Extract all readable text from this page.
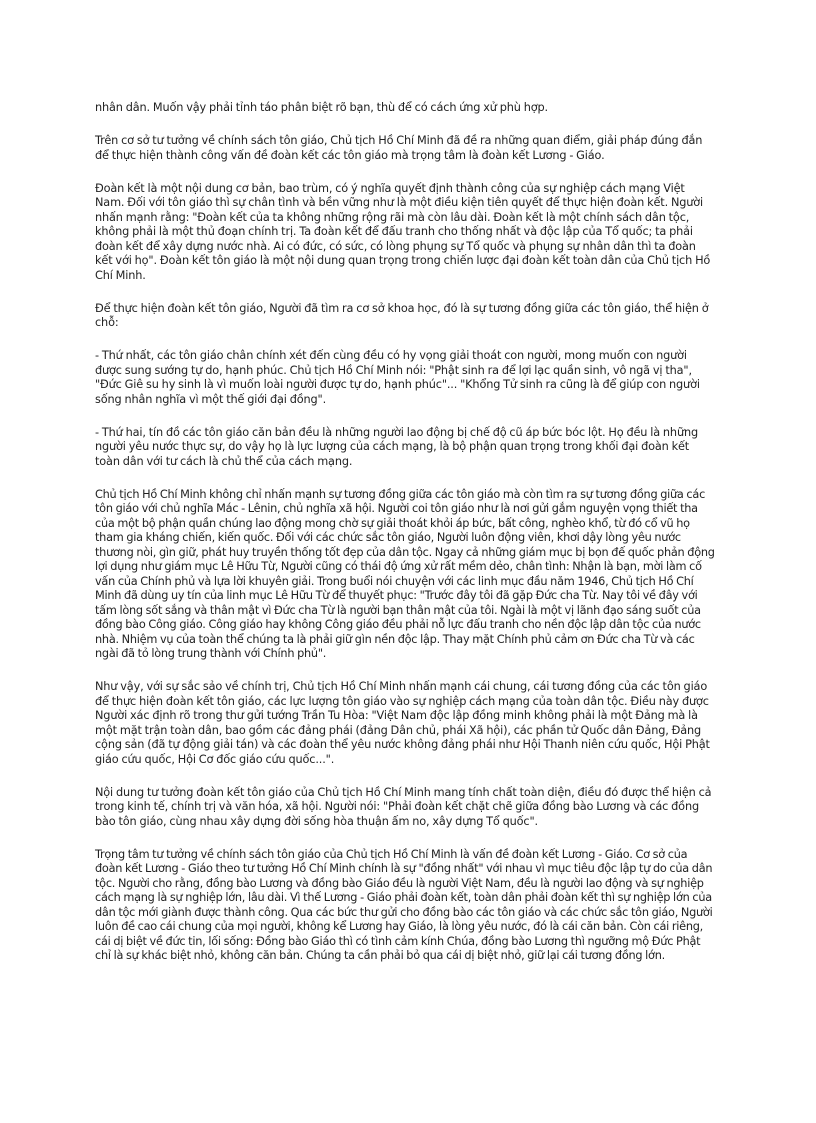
nhân dân. Muốn vậy phải tỉnh táo phân biệt rõ bạn, thù để có cách ứng xử phù hợp.

Trên cơ sở tư tưởng về chính sách tôn giáo, Chủ tịch Hồ Chí Minh đã đề ra những quan điểm, giải pháp đúng đắn để thực hiện thành công vấn đề đoàn kết các tôn giáo mà trọng tâm là đoàn kết Lương - Giáo.

Đoàn kết là một nội dung cơ bản, bao trùm, có ý nghĩa quyết định thành công của sự nghiệp cách mạng Việt Nam. Đối với tôn giáo thì sự chân tình và bền vững như là một điều kiện tiên quyết để thực hiện đoàn kết. Người nhấn mạnh rằng: "Đoàn kết của ta không những rộng rãi mà còn lâu dài. Đoàn kết là một chính sách dân tộc, không phải là một thủ đoạn chính trị. Ta đoàn kết để đấu tranh cho thống nhất và độc lập của Tổ quốc; ta phải đoàn kết để xây dựng nước nhà. Ai có đức, có sức, có lòng phụng sự Tổ quốc và phụng sự nhân dân thì ta đoàn kết với họ". Đoàn kết tôn giáo là một nội dung quan trọng trong chiến lược đại đoàn kết toàn dân của Chủ tịch Hồ Chí Minh.

Để thực hiện đoàn kết tôn giáo, Người đã tìm ra cơ sở khoa học, đó là sự tương đồng giữa các tôn giáo, thể hiện ở chỗ:

- Thứ nhất, các tôn giáo chân chính xét đến cùng đều có hy vọng giải thoát con người, mong muốn con người được sung sướng tự do, hạnh phúc. Chủ tịch Hồ Chí Minh nói: "Phật sinh ra để lợi lạc quần sinh, vô ngã vị tha", "Đức Giê su hy sinh là vì muốn loài người được tự do, hạnh phúc"... "Khổng Tử sinh ra cũng là để giúp con người sống nhân nghĩa vì một thế giới đại đồng".

- Thứ hai, tín đồ các tôn giáo căn bản đều là những người lao động bị chế độ cũ áp bức bóc lột. Họ đều là những người yêu nước thực sự, do vậy họ là lực lượng của cách mạng, là bộ phận quan trọng trong khối đại đoàn kết toàn dân với tư cách là chủ thể của cách mạng.

Chủ tịch Hồ Chí Minh không chỉ nhấn mạnh sự tương đồng giữa các tôn giáo mà còn tìm ra sự tương đồng giữa các tôn giáo với chủ nghĩa Mác - Lênin, chủ nghĩa xã hội. Người coi tôn giáo như là nơi gửi gắm nguyện vọng thiết tha của một bộ phận quần chúng lao động mong chờ sự giải thoát khỏi áp bức, bất công, nghèo khổ, từ đó cổ vũ họ tham gia kháng chiến, kiến quốc. Đối với các chức sắc tôn giáo, Người luôn động viên, khơi dậy lòng yêu nước thương nòi, gìn giữ, phát huy truyền thống tốt đẹp của dân tộc. Ngay cả những giám mục bị bọn đế quốc phản động lợi dụng như giám mục Lê Hữu Từ, Người cũng có thái độ ứng xử rất mềm dẻo, chân tình: Nhận là bạn, mời làm cố vấn của Chính phủ và lựa lời khuyên giải. Trong buổi nói chuyện với các linh mục đầu năm 1946, Chủ tịch Hồ Chí Minh đã dùng uy tín của linh mục Lê Hữu Từ để thuyết phục: "Trước đây tôi đã gặp Đức cha Từ. Nay tôi về đây với tấm lòng sốt sắng và thân mật vì Đức cha Từ là người bạn thân mật của tôi. Ngài là một vị lãnh đạo sáng suốt của đồng bào Công giáo. Công giáo hay không Công giáo đều phải nỗ lực đấu tranh cho nền độc lập dân tộc của nước nhà. Nhiệm vụ của toàn thể chúng ta là phải giữ gìn nền độc lập. Thay mặt Chính phủ cảm ơn Đức cha Từ và các ngài đã tỏ lòng trung thành với Chính phủ".

Như vậy, với sự sắc sảo về chính trị, Chủ tịch Hồ Chí Minh nhấn mạnh cái chung, cái tương đồng của các tôn giáo để thực hiện đoàn kết tôn giáo, các lực lượng tôn giáo vào sự nghiệp cách mạng của toàn dân tộc. Điều này được Người xác định rõ trong thư gửi tướng Trần Tu Hòa: "Việt Nam độc lập đồng minh không phải là một Đảng mà là một mặt trận toàn dân, bao gồm các đảng phái (đảng Dân chủ, phái Xã hội), các phần tử Quốc dân Đảng, Đảng cộng sản (đã tự động giải tán) và các đoàn thể yêu nước không đảng phái như Hội Thanh niên cứu quốc, Hội Phật giáo cứu quốc, Hội Cơ đốc giáo cứu quốc...".

Nội dung tư tưởng đoàn kết tôn giáo của Chủ tịch Hồ Chí Minh mang tính chất toàn diện, điều đó được thể hiện cả trong kinh tế, chính trị và văn hóa, xã hội. Người nói: "Phải đoàn kết chặt chẽ giữa đồng bào Lương và các đồng bào tôn giáo, cùng nhau xây dựng đời sống hòa thuận ấm no, xây dựng Tổ quốc".

Trọng tâm tư tưởng về chính sách tôn giáo của Chủ tịch Hồ Chí Minh là vấn đề đoàn kết Lương - Giáo. Cơ sở của đoàn kết Lương - Giáo theo tư tưởng Hồ Chí Minh chính là sự "đồng nhất" với nhau vì mục tiêu độc lập tự do của dân tộc. Người cho rằng, đồng bào Lương và đồng bào Giáo đều là người Việt Nam, đều là người lao động và sự nghiệp cách mạng là sự nghiệp lớn, lâu dài. Vì thế Lương - Giáo phải đoàn kết, toàn dân phải đoàn kết thì sự nghiệp lớn của dân tộc mới giành được thành công. Qua các bức thư gửi cho đồng bào các tôn giáo và các chức sắc tôn giáo, Người luôn đề cao cái chung của mọi người, không kể Lương hay Giáo, là lòng yêu nước, đó là cái căn bản. Còn cái riêng, cái dị biệt về đức tin, lối sống: Đồng bào Giáo thì có tình cảm kính Chúa, đồng bào Lương thì ngưỡng mộ Đức Phật chỉ là sự khác biệt nhỏ, không căn bản. Chúng ta cần phải bỏ qua cái dị biệt nhỏ, giữ lại cái tương đồng lớn.
